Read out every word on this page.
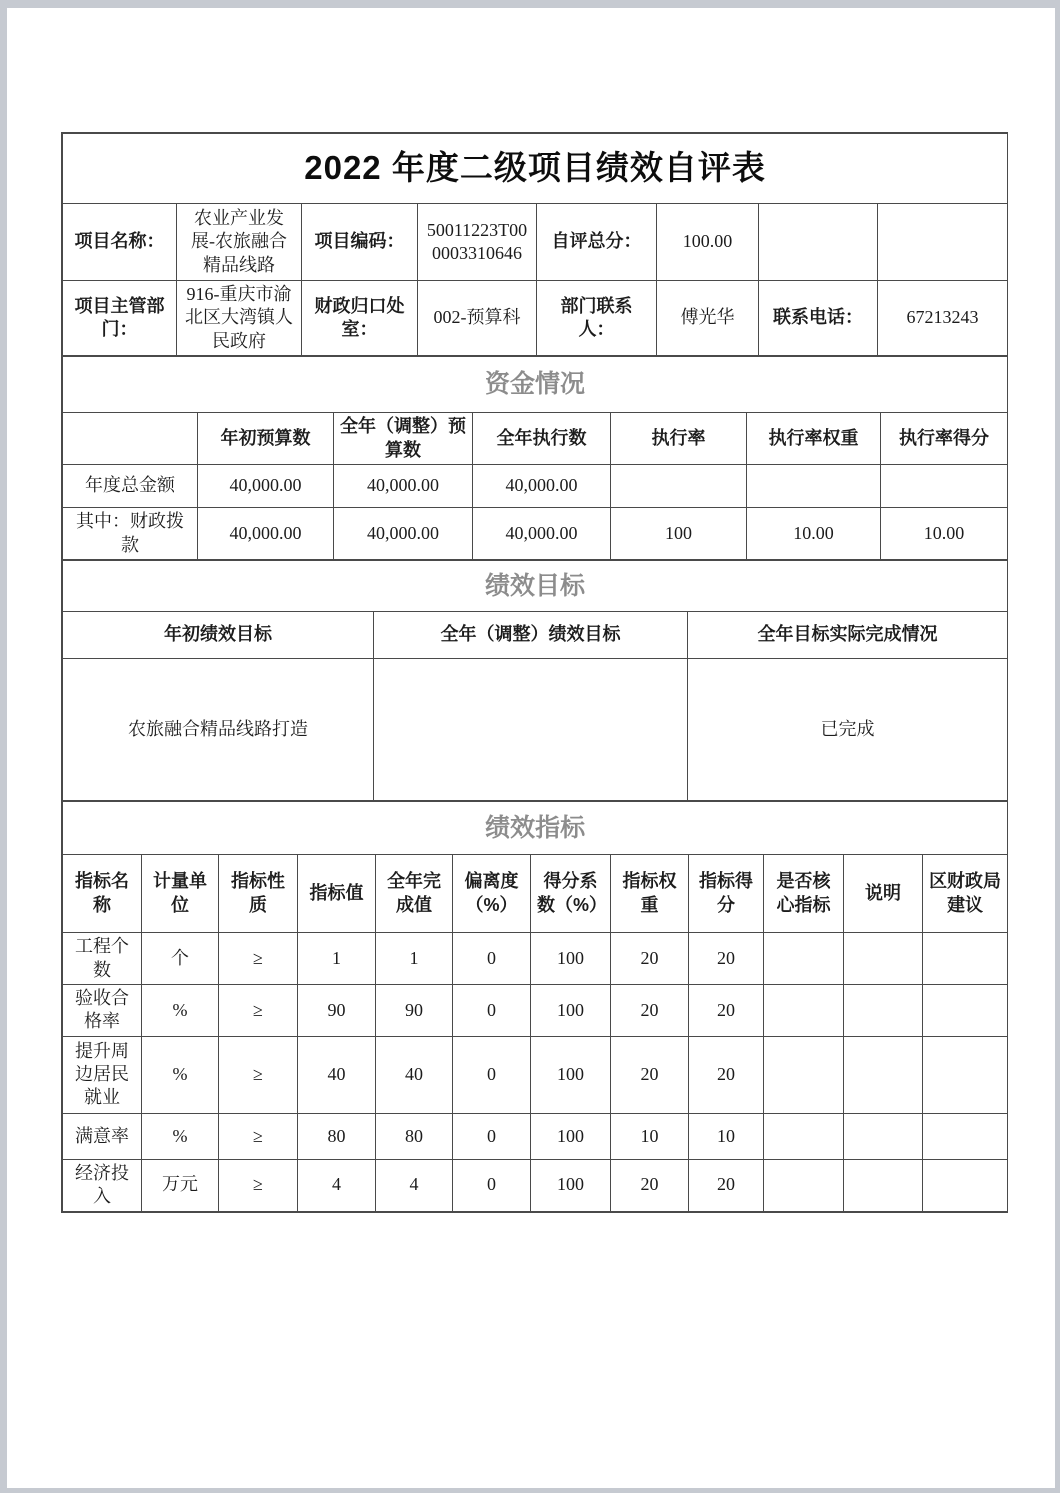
2022 年度二级项目绩效自评表							
项目名称：	农业产业发展-农旅融合精品线路	项目编码：	50011223T000003310646	自评总分：	100.00		
项目主管部门：	916-重庆市渝北区大湾镇人民政府	财政归口处室：	002-预算科	部门联系人：	傅光华	联系电话：	67213243
资金情况						
	年初预算数	全年（调整）预算数	全年执行数	执行率	执行率权重	执行率得分
年度总金额	40,000.00	40,000.00	40,000.00			
其中：财政拨款	40,000.00	40,000.00	40,000.00	100	10.00	10.00
绩效目标		
年初绩效目标	全年（调整）绩效目标	全年目标实际完成情况
农旅融合精品线路打造		已完成
绩效指标											
指标名称	计量单位	指标性质	指标值	全年完成值	偏离度（%）	得分系数（%）	指标权重	指标得分	是否核心指标	说明	区财政局建议
工程个数	个	≥	1	1	0	100	20	20			
验收合格率	%	≥	90	90	0	100	20	20			
提升周边居民就业	%	≥	40	40	0	100	20	20			
满意率	%	≥	80	80	0	100	10	10			
经济投入	万元	≥	4	4	0	100	20	20			
